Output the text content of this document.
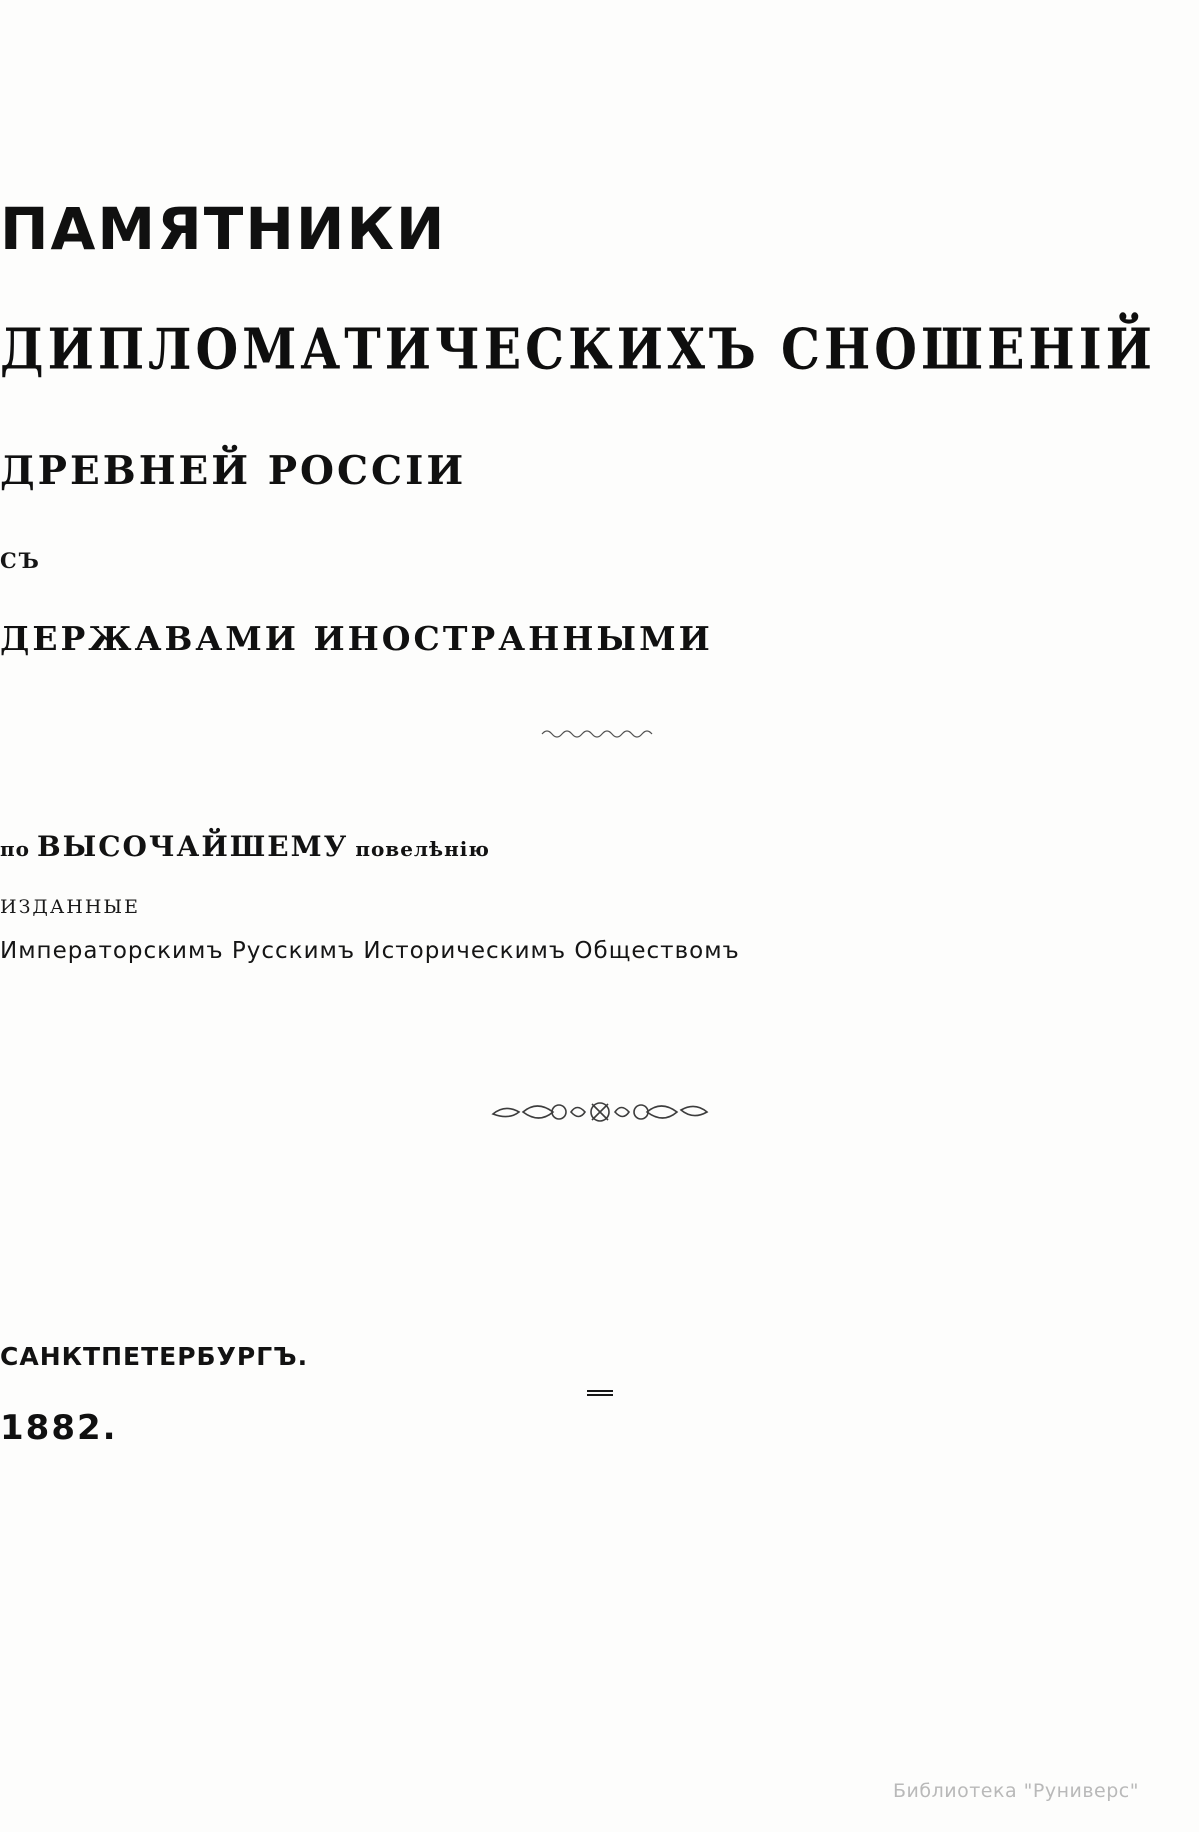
ПАМЯТНИКИ
ДИПЛОМАТИЧЕСКИХЪ СНОШЕНIЙ
ДРЕВНЕЙ РОССIИ
СЪ
ДЕРЖАВАМИ ИНОСТРАННЫМИ
по ВЫСОЧАЙШЕМУ повелѣнiю
ИЗДАННЫЕ
Императорскимъ Русскимъ Историческимъ Обществомъ
САНКТПЕТЕРБУРГЪ.
1882.
Библиотека "Руниверс"
